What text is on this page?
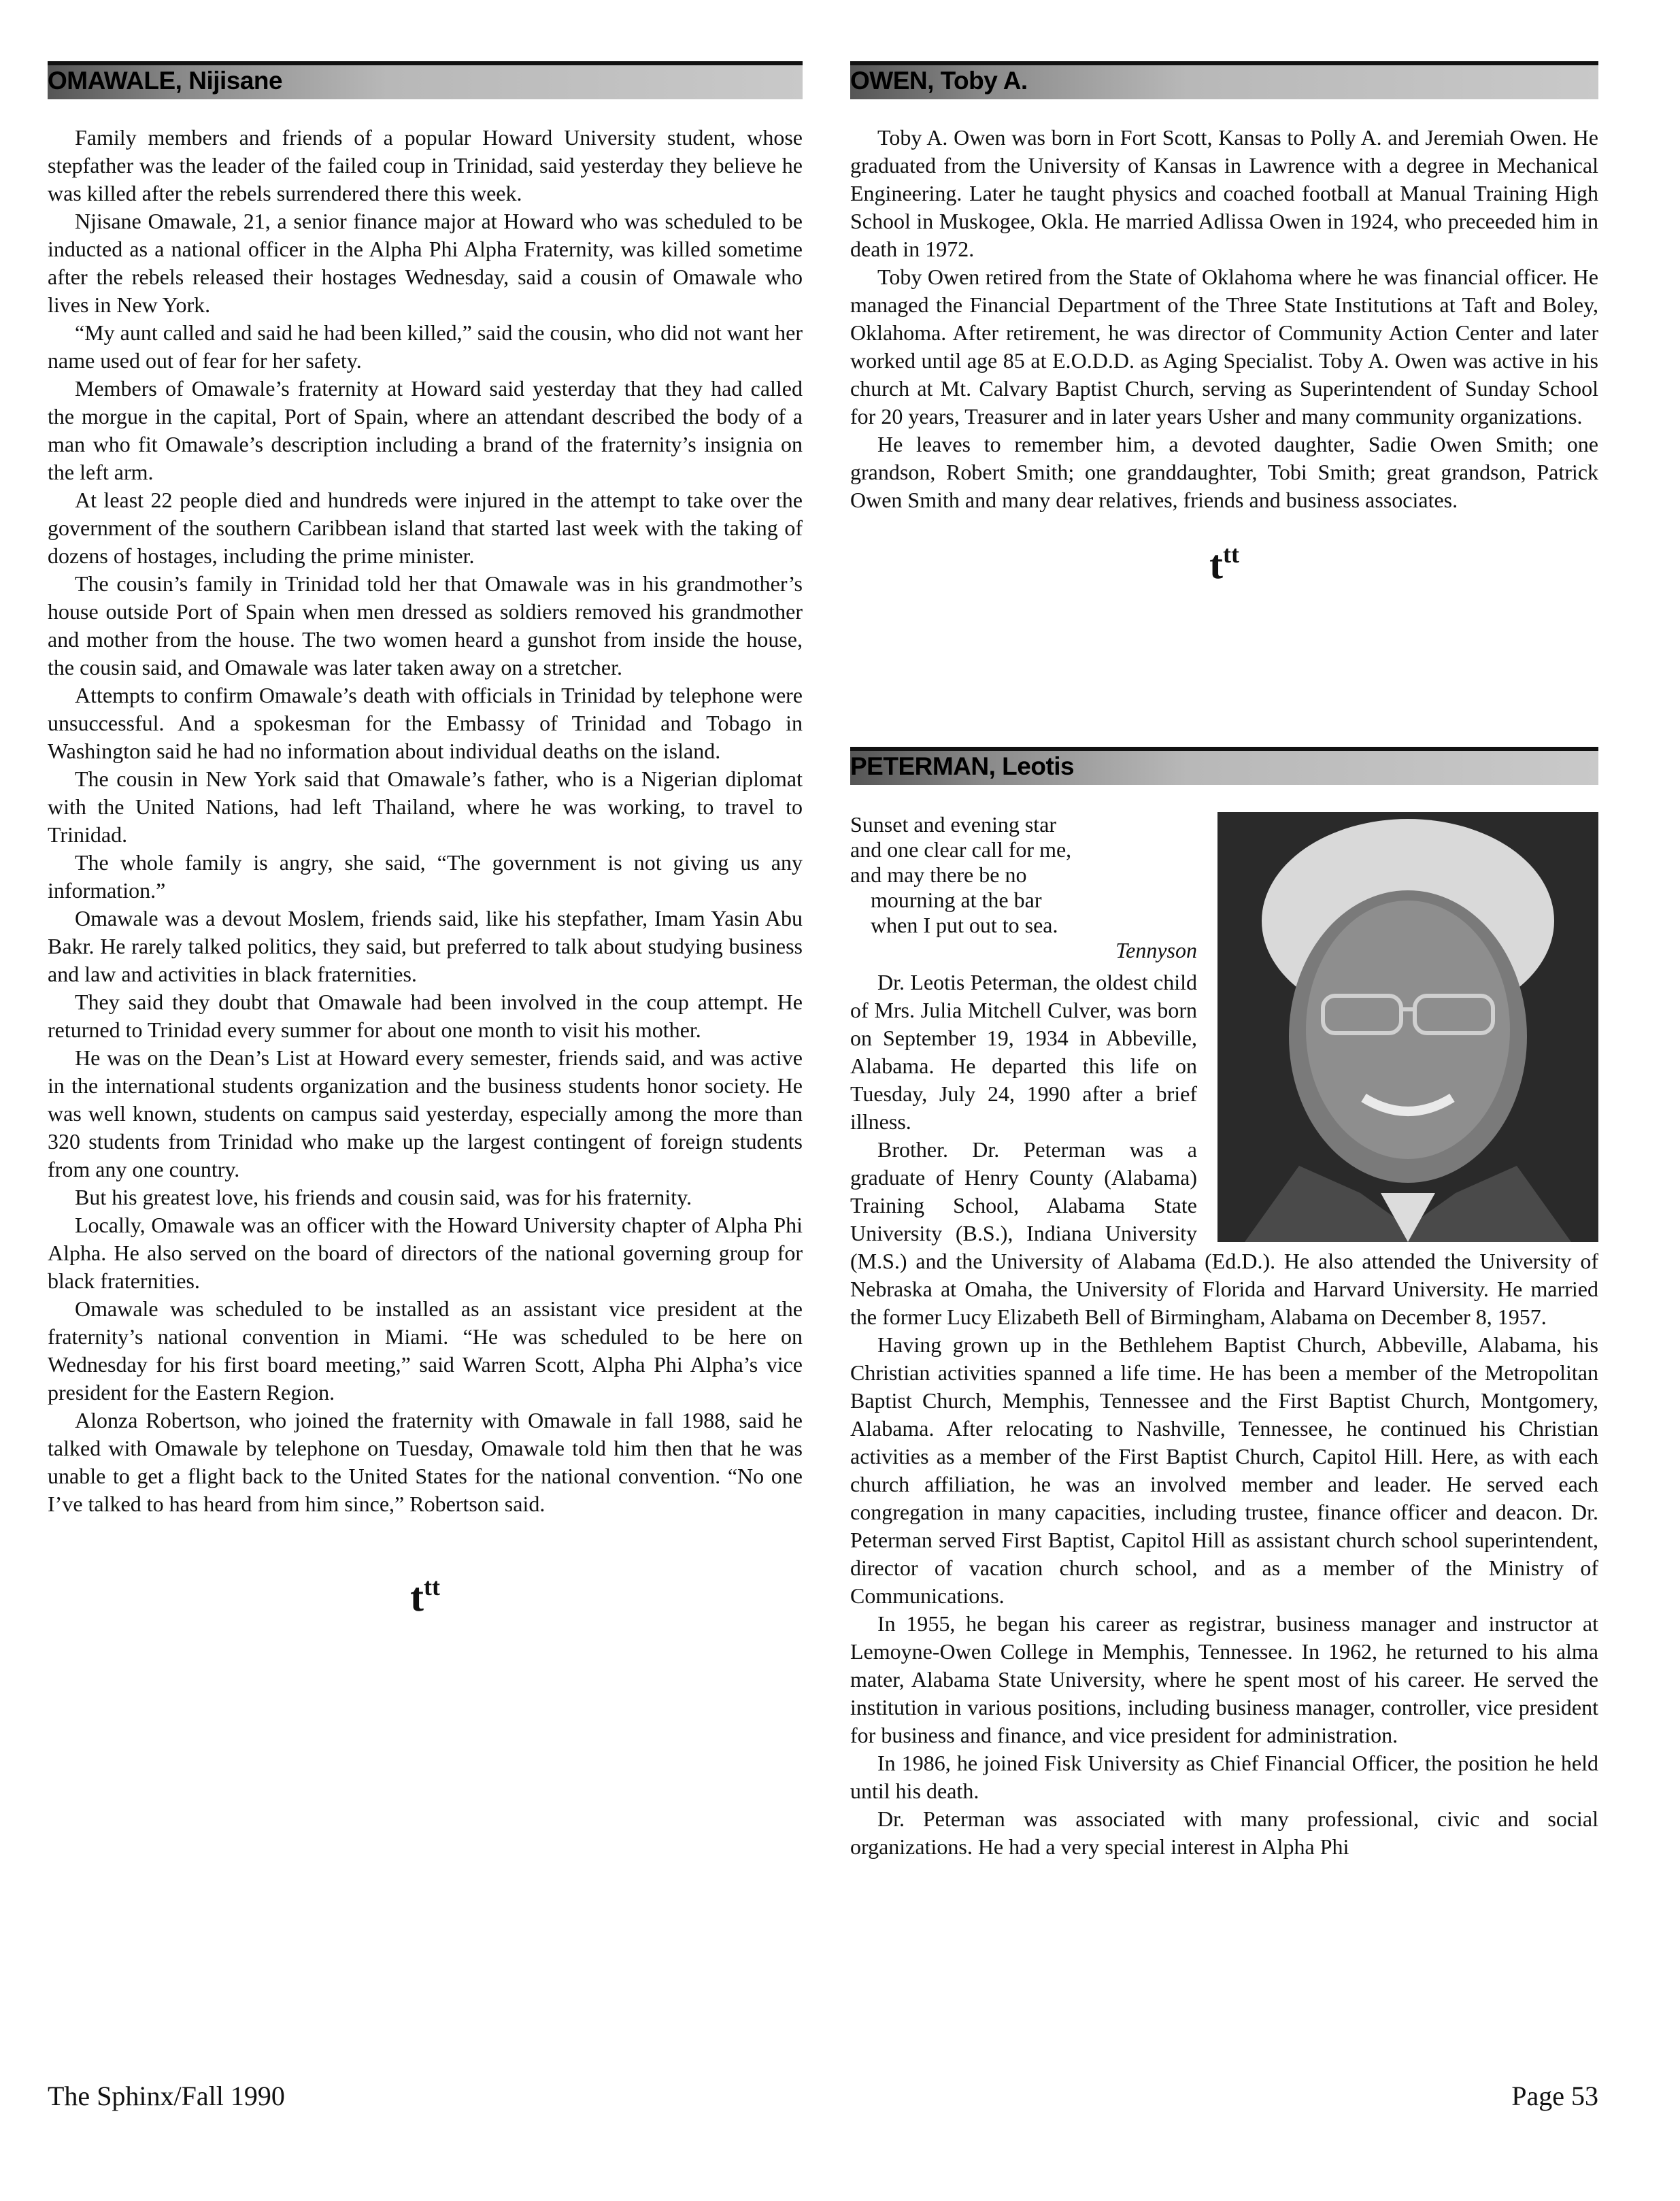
OMAWALE, Nijisane

Family members and friends of a popular Howard University student, whose stepfather was the leader of the failed coup in Trinidad, said yesterday they believe he was killed after the rebels surrendered there this week.

Njisane Omawale, 21, a senior finance major at Howard who was scheduled to be inducted as a national officer in the Alpha Phi Alpha Fraternity, was killed sometime after the rebels released their hostages Wednesday, said a cousin of Omawale who lives in New York.

“My aunt called and said he had been killed,” said the cousin, who did not want her name used out of fear for her safety.

Members of Omawale’s fraternity at Howard said yesterday that they had called the morgue in the capital, Port of Spain, where an attendant described the body of a man who fit Omawale’s description including a brand of the fraternity’s insignia on the left arm.

At least 22 people died and hundreds were injured in the attempt to take over the government of the southern Caribbean island that started last week with the taking of dozens of hostages, including the prime minister.

The cousin’s family in Trinidad told her that Omawale was in his grandmother’s house outside Port of Spain when men dressed as soldiers removed his grandmother and mother from the house. The two women heard a gunshot from inside the house, the cousin said, and Omawale was later taken away on a stretcher.

Attempts to confirm Omawale’s death with officials in Trinidad by telephone were unsuccessful. And a spokesman for the Embassy of Trinidad and Tobago in Washington said he had no information about individual deaths on the island.

The cousin in New York said that Omawale’s father, who is a Nigerian diplomat with the United Nations, had left Thailand, where he was working, to travel to Trinidad.

The whole family is angry, she said, “The government is not giving us any information.”

Omawale was a devout Moslem, friends said, like his stepfather, Imam Yasin Abu Bakr. He rarely talked politics, they said, but preferred to talk about studying business and law and activities in black fraternities.

They said they doubt that Omawale had been involved in the coup attempt. He returned to Trinidad every summer for about one month to visit his mother.

He was on the Dean’s List at Howard every semester, friends said, and was active in the international students organization and the business students honor society. He was well known, students on campus said yesterday, especially among the more than 320 students from Trinidad who make up the largest contingent of foreign students from any one country.

But his greatest love, his friends and cousin said, was for his fraternity.

Locally, Omawale was an officer with the Howard University chapter of Alpha Phi Alpha. He also served on the board of directors of the national governing group for black fraternities.

Omawale was scheduled to be installed as an assistant vice president at the fraternity’s national convention in Miami. “He was scheduled to be here on Wednesday for his first board meeting,” said Warren Scott, Alpha Phi Alpha’s vice president for the Eastern Region.

Alonza Robertson, who joined the fraternity with Omawale in fall 1988, said he talked with Omawale by telephone on Tuesday, Omawale told him then that he was unable to get a flight back to the United States for the national convention. “No one I’ve talked to has heard from him since,” Robertson said.

$t^{tt}$
OWEN, Toby A.

Toby A. Owen was born in Fort Scott, Kansas to Polly A. and Jeremiah Owen. He graduated from the University of Kansas in Lawrence with a degree in Mechanical Engineering. Later he taught physics and coached football at Manual Training High School in Muskogee, Okla. He married Adlissa Owen in 1924, who preceeded him in death in 1972.

Toby Owen retired from the State of Oklahoma where he was financial officer. He managed the Financial Department of the Three State Institutions at Taft and Boley, Oklahoma. After retirement, he was director of Community Action Center and later worked until age 85 at E.O.D.D. as Aging Specialist. Toby A. Owen was active in his church at Mt. Calvary Baptist Church, serving as Superintendent of Sunday School for 20 years, Treasurer and in later years Usher and many community organizations.

He leaves to remember him, a devoted daughter, Sadie Owen Smith; one grandson, Robert Smith; one granddaughter, Tobi Smith; great grandson, Patrick Owen Smith and many dear relatives, friends and business associates.

$t^{tt}$
PETERMAN, Leotis
Sunset and evening star
and one clear call for me,
and may there be no
mourning at the bar
when I put out to sea.
Tennyson

Dr. Leotis Peterman, the oldest child of Mrs. Julia Mitchell Culver, was born on September 19, 1934 in Abbeville, Alabama. He departed this life on Tuesday, July 24, 1990 after a brief illness.

Brother. Dr. Peterman was a graduate of Henry County (Alabama) Training School, Alabama State University (B.S.), Indiana University (M.S.) and the University of Alabama (Ed.D.). He also attended the University of Nebraska at Omaha, the University of Florida and Harvard University. He married the former Lucy Elizabeth Bell of Birmingham, Alabama on December 8, 1957.

Having grown up in the Bethlehem Baptist Church, Abbeville, Alabama, his Christian activities spanned a life time. He has been a member of the Metropolitan Baptist Church, Memphis, Tennessee and the First Baptist Church, Montgomery, Alabama. After relocating to Nashville, Tennessee, he continued his Christian activities as a member of the First Baptist Church, Capitol Hill. Here, as with each church affiliation, he was an involved member and leader. He served each congregation in many capacities, including trustee, finance officer and deacon. Dr. Peterman served First Baptist, Capitol Hill as assistant church school superintendent, director of vacation church school, and as a member of the Ministry of Communications.

In 1955, he began his career as registrar, business manager and instructor at Lemoyne-Owen College in Memphis, Tennessee. In 1962, he returned to his alma mater, Alabama State University, where he spent most of his career. He served the institution in various positions, including business manager, controller, vice president for business and finance, and vice president for administration.

In 1986, he joined Fisk University as Chief Financial Officer, the position he held until his death.

Dr. Peterman was associated with many professional, civic and social organizations. He had a very special interest in Alpha Phi

The Sphinx/Fall 1990	Page 53
